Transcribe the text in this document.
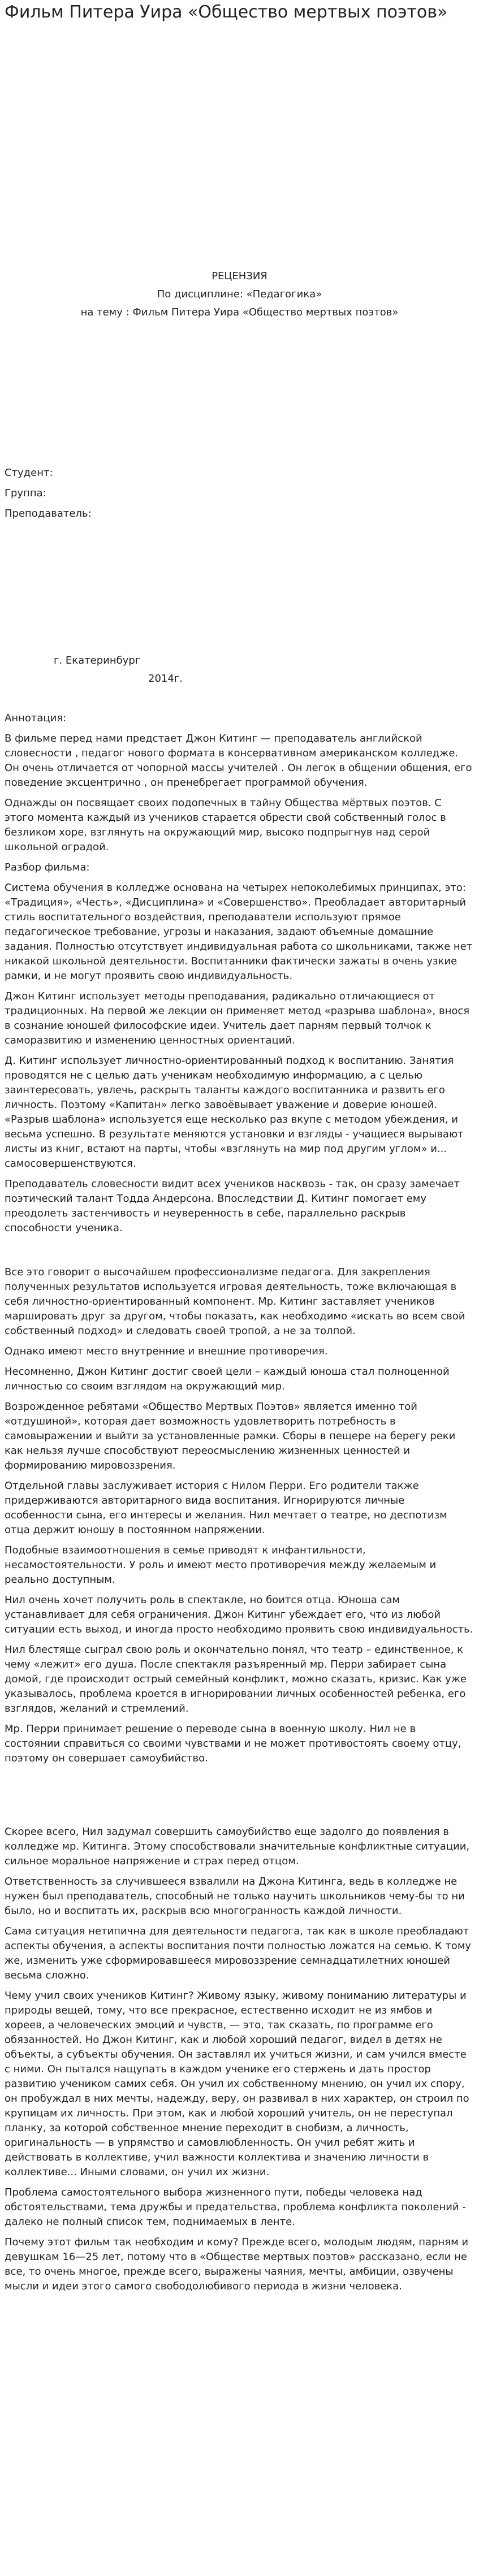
Фильм Питера Уира «Общество мертвых поэтов»
РЕЦЕНЗИЯ
По дисциплине: «Педагогика»
на тему : Фильм Питера Уира «Общество мертвых поэтов»
Студент:
Группа:
Преподаватель:
г. Екатеринбург
2014г.

Аннотация:

В фильме перед нами предстает Джон Китинг — преподаватель английской словесности , педагог нового формата в консервативном американском колледже. Он очень отличается от чопорной массы учителей . Он легок в общении общения, его поведение эксцентрично , он пренебрегает программой обучения.

Однажды он посвящает своих подопечных в тайну Общества мёртвых поэтов. С этого момента каждый из учеников старается обрести свой собственный голос в безликом хоре, взглянуть на окружающий мир, высоко подпрыгнув над серой школьной оградой.

Разбор фильма:

Система обучения в колледже основана на четырех непоколебимых принципах, это: «Традиция», «Честь», «Дисциплина» и «Совершенство». Преобладает авторитарный стиль воспитательного воздействия, преподаватели используют прямое педагогическое требование, угрозы и наказания, задают объемные домашние задания. Полностью отсутствует индивидуальная работа со школьниками, также нет никакой школьной деятельности. Воспитанники фактически зажаты в очень узкие рамки, и не могут проявить свою индивидуальность.

Джон Китинг использует методы преподавания, радикально отличающиеся от традиционных. На первой же лекции он применяет метод «разрыва шаблона», внося в сознание юношей философские идеи. Учитель дает парням первый толчок к саморазвитию и изменению ценностных ориентаций.

Д. Китинг использует личностно-ориентированный подход к воспитанию. Занятия проводятся не с целью дать ученикам необходимую информацию, а с целью заинтересовать, увлечь, раскрыть таланты каждого воспитанника и развить его личность. Поэтому «Капитан» легко завоёвывает уважение и доверие юношей. «Разрыв шаблона» используется еще несколько раз вкупе с методом убеждения, и весьма успешно. В результате меняются установки и взгляды - учащиеся вырывают листы из книг, встают на парты, чтобы «взглянуть на мир под другим углом» и... самосовершенствуются.

Преподаватель словесности видит всех учеников насквозь - так, он сразу замечает поэтический талант Тодда Андерсона. Впоследствии Д. Китинг помогает ему преодолеть застенчивость и неуверенность в себе, параллельно раскрыв способности ученика.

Все это говорит о высочайшем профессионализме педагога. Для закрепления полученных результатов используется игровая деятельность, тоже включающая в себя личностно-ориентированный компонент. Мр. Китинг заставляет учеников маршировать друг за другом, чтобы показать, как необходимо «искать во всем свой собственный подход» и следовать своей тропой, а не за толпой.

Однако имеют место внутренние и внешние противоречия.

Несомненно, Джон Китинг достиг своей цели – каждый юноша стал полноценной личностью со своим взглядом на окружающий мир.

Возрожденное ребятами «Общество Мертвых Поэтов» является именно той «отдушиной», которая дает возможность удовлетворить потребность в самовыражении и выйти за установленные рамки. Сборы в пещере на берегу реки как нельзя лучше способствуют переосмыслению жизненных ценностей и формированию мировоззрения.

Отдельной главы заслуживает история с Нилом Перри. Его родители также придерживаются авторитарного вида воспитания. Игнорируются личные особенности сына, его интересы и желания. Нил мечтает о театре, но деспотизм отца держит юношу в постоянном напряжении.

Подобные взаимоотношения в семье приводят к инфантильности, несамостоятельности. У роль и имеют место противоречия между желаемым и реально доступным.

Нил очень хочет получить роль в спектакле, но боится отца. Юноша сам устанавливает для себя ограничения. Джон Китинг убеждает его, что из любой ситуации есть выход, и иногда просто необходимо проявить свою индивидуальность.

Нил блестяще сыграл свою роль и окончательно понял, что театр – единственное, к чему «лежит» его душа. После спектакля разъяренный мр. Перри забирает сына домой, где происходит острый семейный конфликт, можно сказать, кризис. Как уже указывалось, проблема кроется в игнорировании личных особенностей ребенка, его взглядов, желаний и стремлений.

Мр. Перри принимает решение о переводе сына в военную школу. Нил не в состоянии справиться со своими чувствами и не может противостоять своему отцу, поэтому он совершает самоубийство.

Скорее всего, Нил задумал совершить самоубийство еще задолго до появления в колледже мр. Китинга. Этому способствовали значительные конфликтные ситуации, сильное моральное напряжение и страх перед отцом.

Ответственность за случившееся взвалили на Джона Китинга, ведь в колледже не нужен был преподаватель, способный не только научить школьников чему-бы то ни было, но и воспитать их, раскрыв всю многогранность каждой личности.

Сама ситуация нетипична для деятельности педагога, так как в школе преобладают аспекты обучения, а аспекты воспитания почти полностью ложатся на семью. К тому же, изменить уже сформировавшееся мировоззрение семнадцатилетних юношей весьма сложно.

Чему учил своих учеников Китинг? Живому языку, живому пониманию литературы и природы вещей, тому, что все прекрасное, естественно исходит не из ямбов и хореев, а человеческих эмоций и чувств, — это, так сказать, по программе его обязанностей. Но Джон Китинг, как и любой хороший педагог, видел в детях не объекты, а субъекты обучения. Он заставлял их учиться жизни, и сам учился вместе с ними. Он пытался нащупать в каждом ученике его стержень и дать простор развитию учеником самих себя. Он учил их собственному мнению, он учил их спору, он пробуждал в них мечты, надежду, веру, он развивал в них характер, он строил по крупицам их личность. При этом, как и любой хороший учитель, он не переступал планку, за которой собственное мнение переходит в снобизм, а личность, оригинальность — в упрямство и самовлюбленность. Он учил ребят жить и действовать в коллективе, учил важности коллектива и значению личности в коллективе... Иными словами, он учил их жизни.

Проблема самостоятельного выбора жизненного пути, победы человека над обстоятельствами, тема дружбы и предательства, проблема конфликта поколений - далеко не полный список тем, поднимаемых в ленте.

Почему этот фильм так необходим и кому? Прежде всего, молодым людям, парням и девушкам 16—25 лет, потому что в «Обществе мертвых поэтов» рассказано, если не все, то очень многое, прежде всего, выражены чаяния, мечты, амбиции, озвучены мысли и идеи этого самого свободолюбивого периода в жизни человека.
